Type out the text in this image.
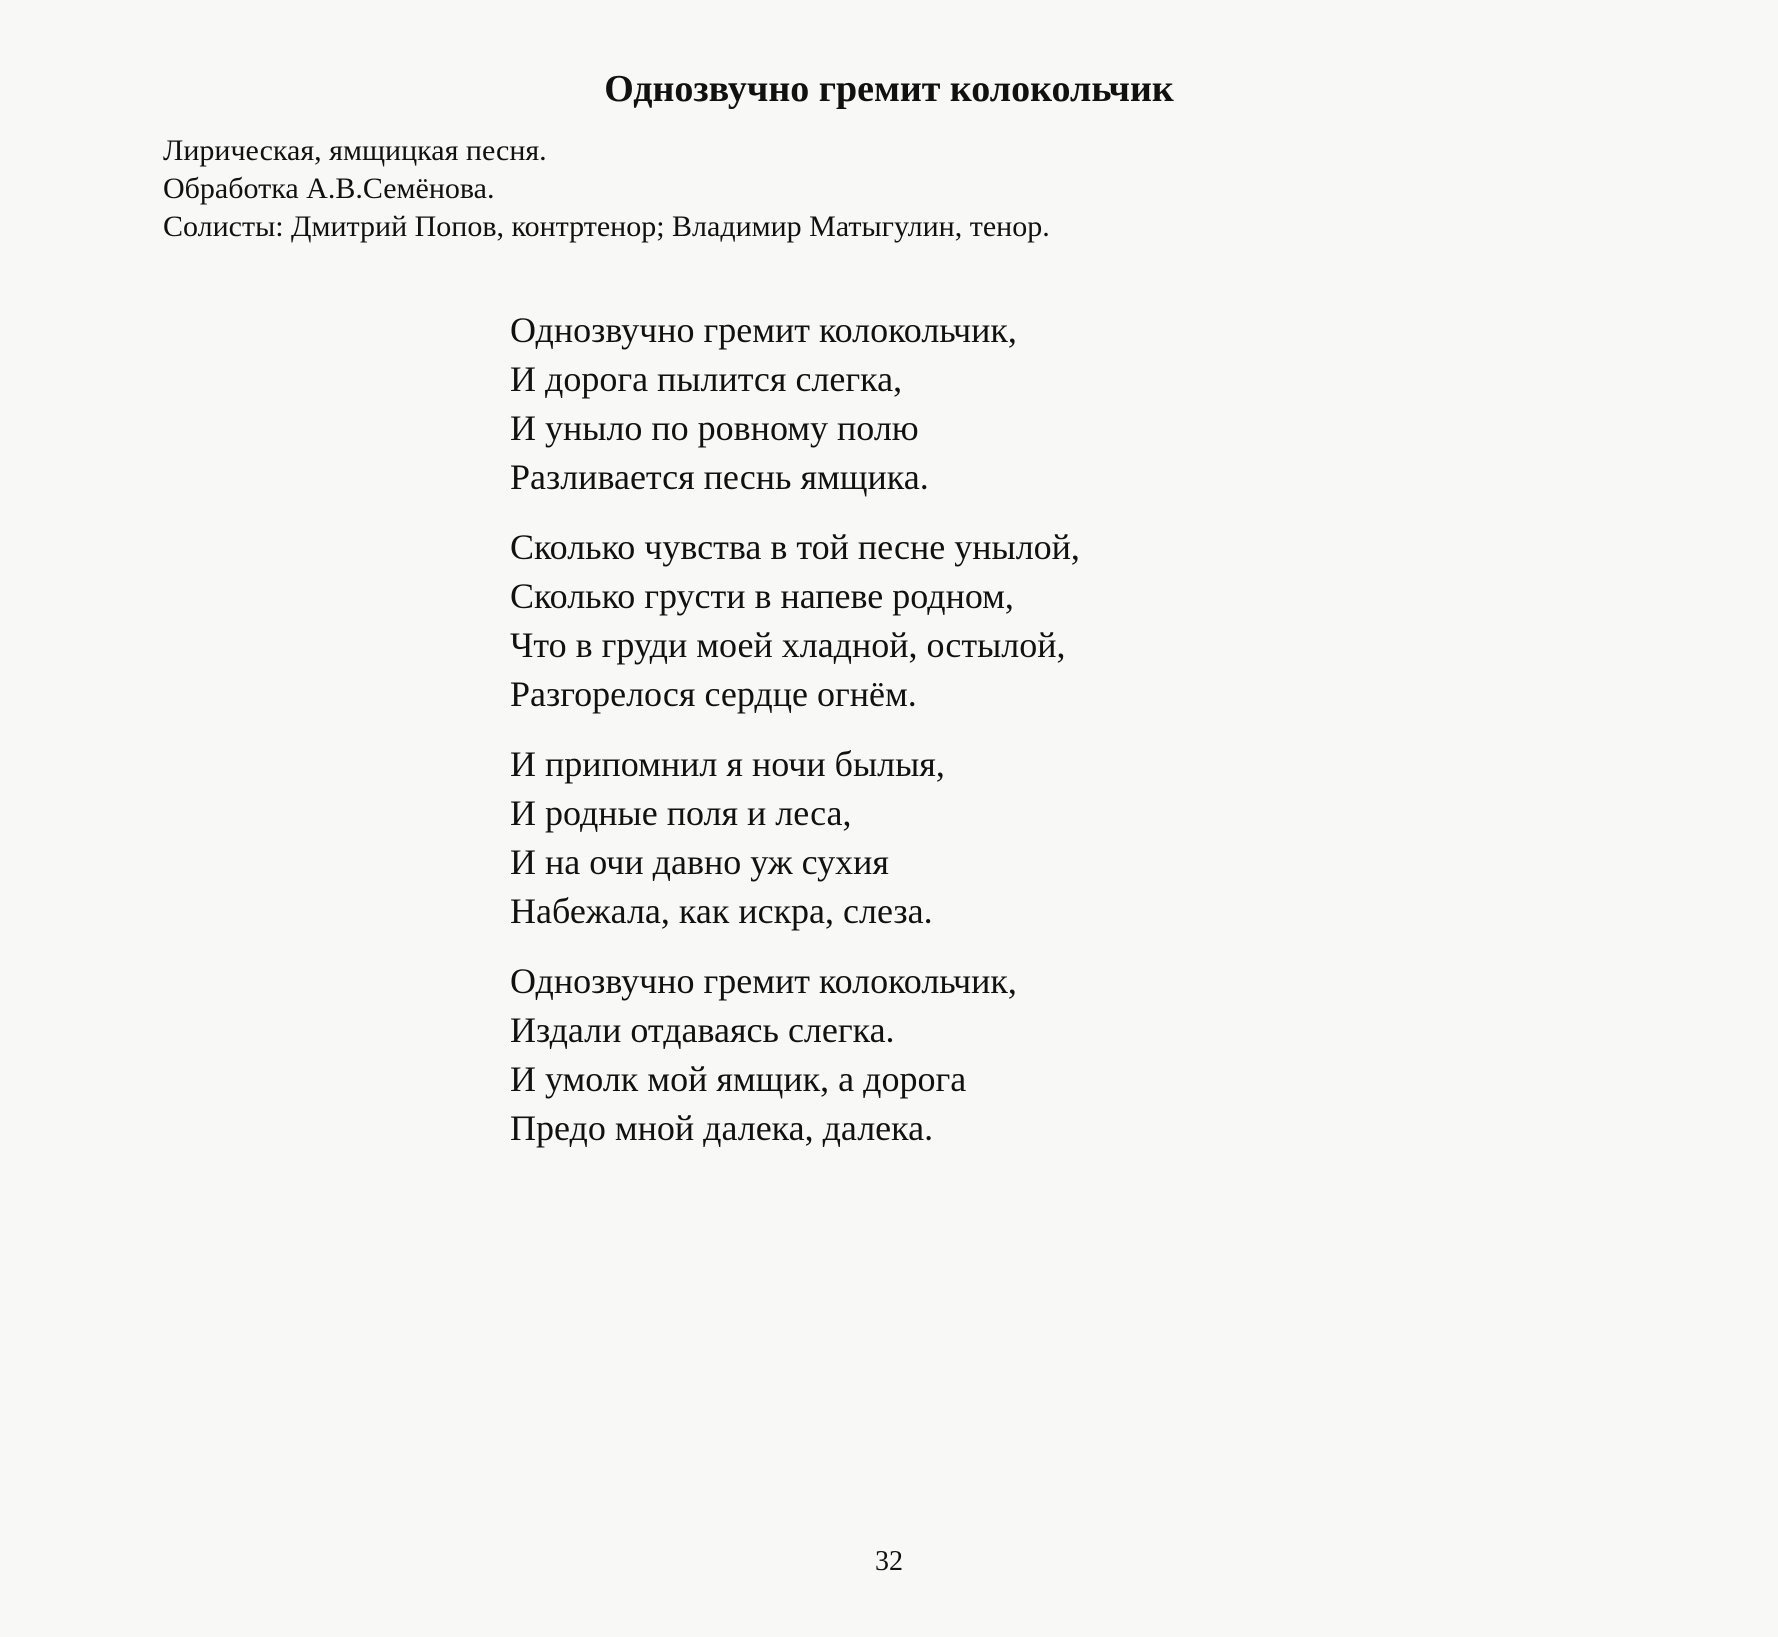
Однозвучно гремит колокольчик
Лирическая, ямщицкая песня.
Обработка А.В.Семёнова.
Солисты: Дмитрий Попов, контртенор; Владимир Матыгулин, тенор.
Однозвучно гремит колокольчик,
И дорога пылится слегка,
И уныло по ровному полю
Разливается песнь ямщика.
Сколько чувства в той песне унылой,
Сколько грусти в напеве родном,
Что в груди моей хладной, остылой,
Разгорелося сердце огнём.
И припомнил я ночи былыя,
И родные поля и леса,
И на очи давно уж сухия
Набежала, как искра, слеза.
Однозвучно гремит колокольчик,
Издали отдаваясь слегка.
И умолк мой ямщик, а дорога
Предо мной далека, далека.
32
